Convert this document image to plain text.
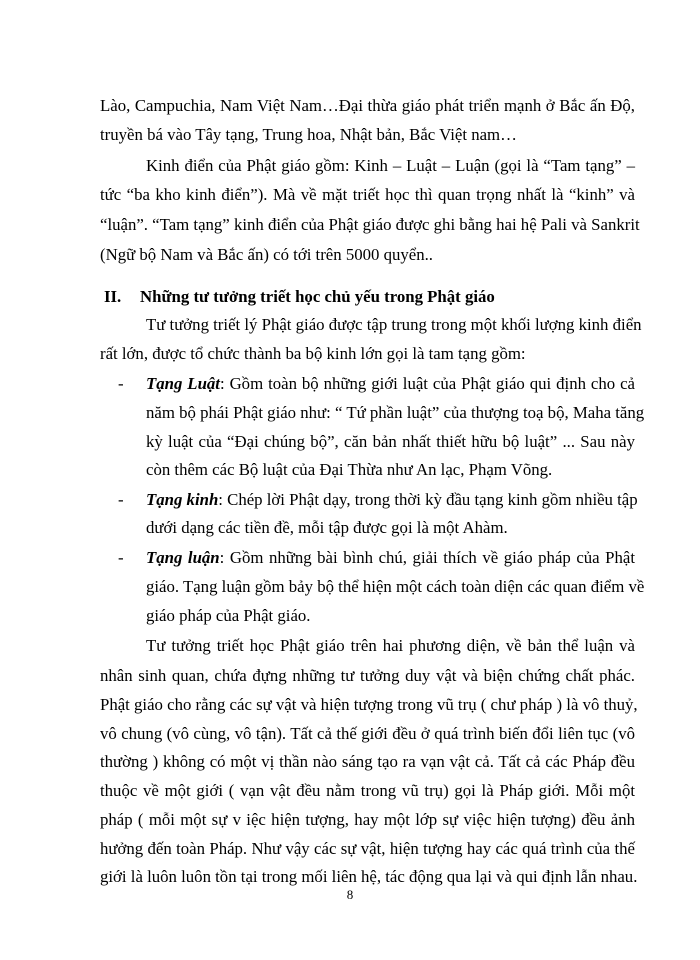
Lào, Campuchia, Nam Việt Nam…Đại thừa giáo phát triển mạnh ở Bắc ấn Độ,
truyền bá vào Tây tạng, Trung hoa, Nhật bản, Bắc Việt nam…
Kinh điển của Phật giáo gồm: Kinh – Luật – Luận (gọi là “Tam tạng” –
tức “ba kho kinh điển”). Mà về mặt triết học thì quan trọng nhất là “kinh” và
“luận”. “Tam tạng” kinh điển của Phật giáo được ghi bằng hai hệ Pali và Sankrit
(Ngữ bộ Nam và Bắc ấn) có tới trên 5000 quyển..
II. Những tư tưởng triết học chủ yếu trong Phật giáo
Tư tưởng triết lý Phật giáo được tập trung trong một khối lượng kinh điển
rất lớn, được tổ chức thành ba bộ kinh lớn gọi là tam tạng gồm:
- Tạng Luật: Gồm toàn bộ những giới luật của Phật giáo qui định cho cả
năm bộ phái Phật giáo như: “ Tứ phần luật” của thượng toạ bộ, Maha tăng
kỳ luật của “Đại chúng bộ”, căn bản nhất thiết hữu bộ luật” ... Sau này
còn thêm các Bộ luật của Đại Thừa như An lạc, Phạm Võng.
- Tạng kinh: Chép lời Phật dạy, trong thời kỳ đầu tạng kinh gồm nhiều tập
dưới dạng các tiền đề, mỗi tập được gọi là một Ahàm.
- Tạng luận: Gồm những bài bình chú, giải thích về giáo pháp của Phật
giáo. Tạng luận gồm bảy bộ thể hiện một cách toàn diện các quan điểm về
giáo pháp của Phật giáo.
Tư tưởng triết học Phật giáo trên hai phương diện, về bản thể luận và
nhân sinh quan, chứa đựng những tư tưởng duy vật và biện chứng chất phác.
Phật giáo cho rằng các sự vật và hiện tượng trong vũ trụ ( chư pháp ) là vô thuỷ,
vô chung (vô cùng, vô tận). Tất cả thế giới đều ở quá trình biến đổi liên tục (vô
thường ) không có một vị thần nào sáng tạo ra vạn vật cả. Tất cả các Pháp đều
thuộc về một giới ( vạn vật đều nằm trong vũ trụ) gọi là Pháp giới. Mỗi một
pháp ( mỗi một sự v iệc hiện tượng, hay một lớp sự việc hiện tượng) đều ảnh
hưởng đến toàn Pháp. Như vậy các sự vật, hiện tượng hay các quá trình của thế
giới là luôn luôn tồn tại trong mối liên hệ, tác động qua lại và qui định lẫn nhau.
8
